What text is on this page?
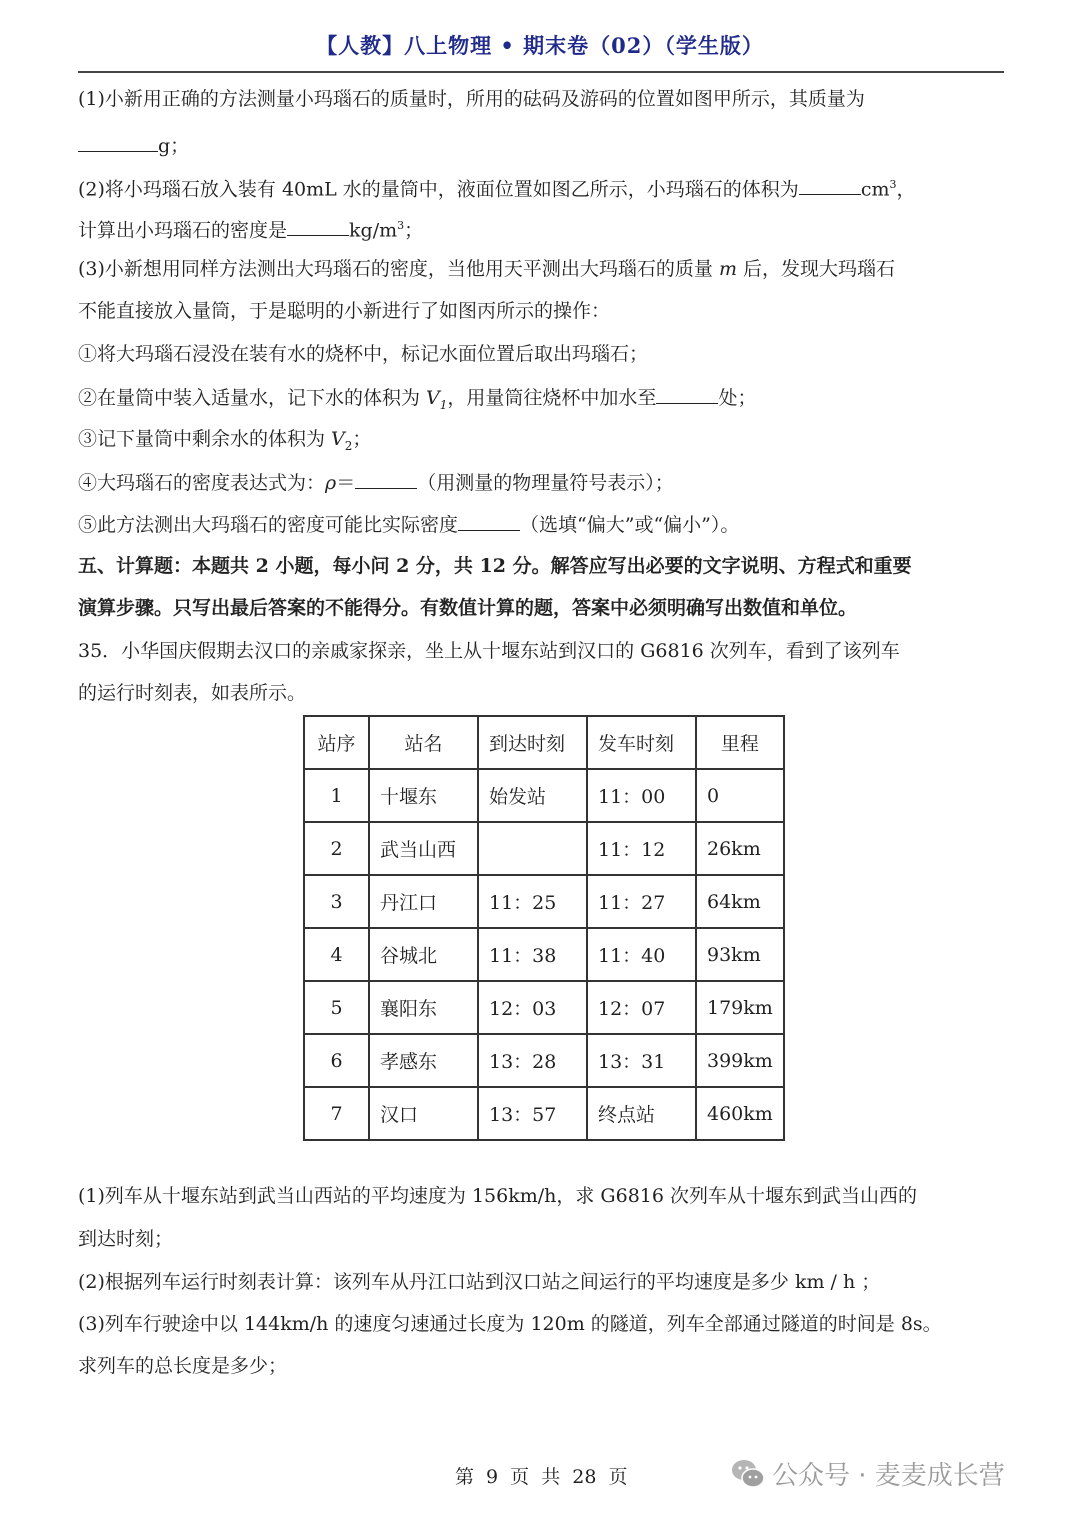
【人教】八上物理 • 期末卷（02）（学生版）
(1)小新用正确的方法测量小玛瑙石的质量时，所用的砝码及游码的位置如图甲所示，其质量为
g；
(2)将小玛瑙石放入装有 40mL 水的量筒中，液面位置如图乙所示，小玛瑙石的体积为	$cm^3$，
计算出小玛瑙石的密度是	$kg/m^3$；
(3)小新想用同样方法测出大玛瑙石的密度，当他用天平测出大玛瑙石的质量 m 后，发现大玛瑙石
不能直接放入量筒，于是聪明的小新进行了如图丙所示的操作：
①将大玛瑙石浸没在装有水的烧杯中，标记水面位置后取出玛瑙石；
②在量筒中装入适量水，记下水的体积为 $V_1$，用量筒往烧杯中加水至	处；
③记下量筒中剩余水的体积为 $V_2$；
④大玛瑙石的密度表达式为：ρ＝	（用测量的物理量符号表示）；
⑤此方法测出大玛瑙石的密度可能比实际密度	（选填“偏大”或“偏小”）。
五、计算题：本题共 2 小题，每小问 2 分，共 12 分。解答应写出必要的文字说明、方程式和重要
演算步骤。只写出最后答案的不能得分。有数值计算的题，答案中必须明确写出数值和单位。
35．小华国庆假期去汉口的亲戚家探亲，坐上从十堰东站到汉口的 G6816 次列车，看到了该列车
的运行时刻表，如表所示。
站序	站名	到达时刻	发车时刻	里程
1	十堰东	始发站	11：00	0
2	武当山西		11：12	26km
3	丹江口	11：25	11：27	64km
4	谷城北	11：38	11：40	93km
5	襄阳东	12：03	12：07	179km
6	孝感东	13：28	13：31	399km
7	汉口	13：57	终点站	460km
(1)列车从十堰东站到武当山西站的平均速度为 156km/h，求 G6816 次列车从十堰东到武当山西的
到达时刻；
(2)根据列车运行时刻表计算：该列车从丹江口站到汉口站之间运行的平均速度是多少 km / h ；
(3)列车行驶途中以 144km/h 的速度匀速通过长度为 120m 的隧道，列车全部通过隧道的时间是 8s。
求列车的总长度是多少；
第 9 页 共 28 页	公众号 · 麦麦成长营
